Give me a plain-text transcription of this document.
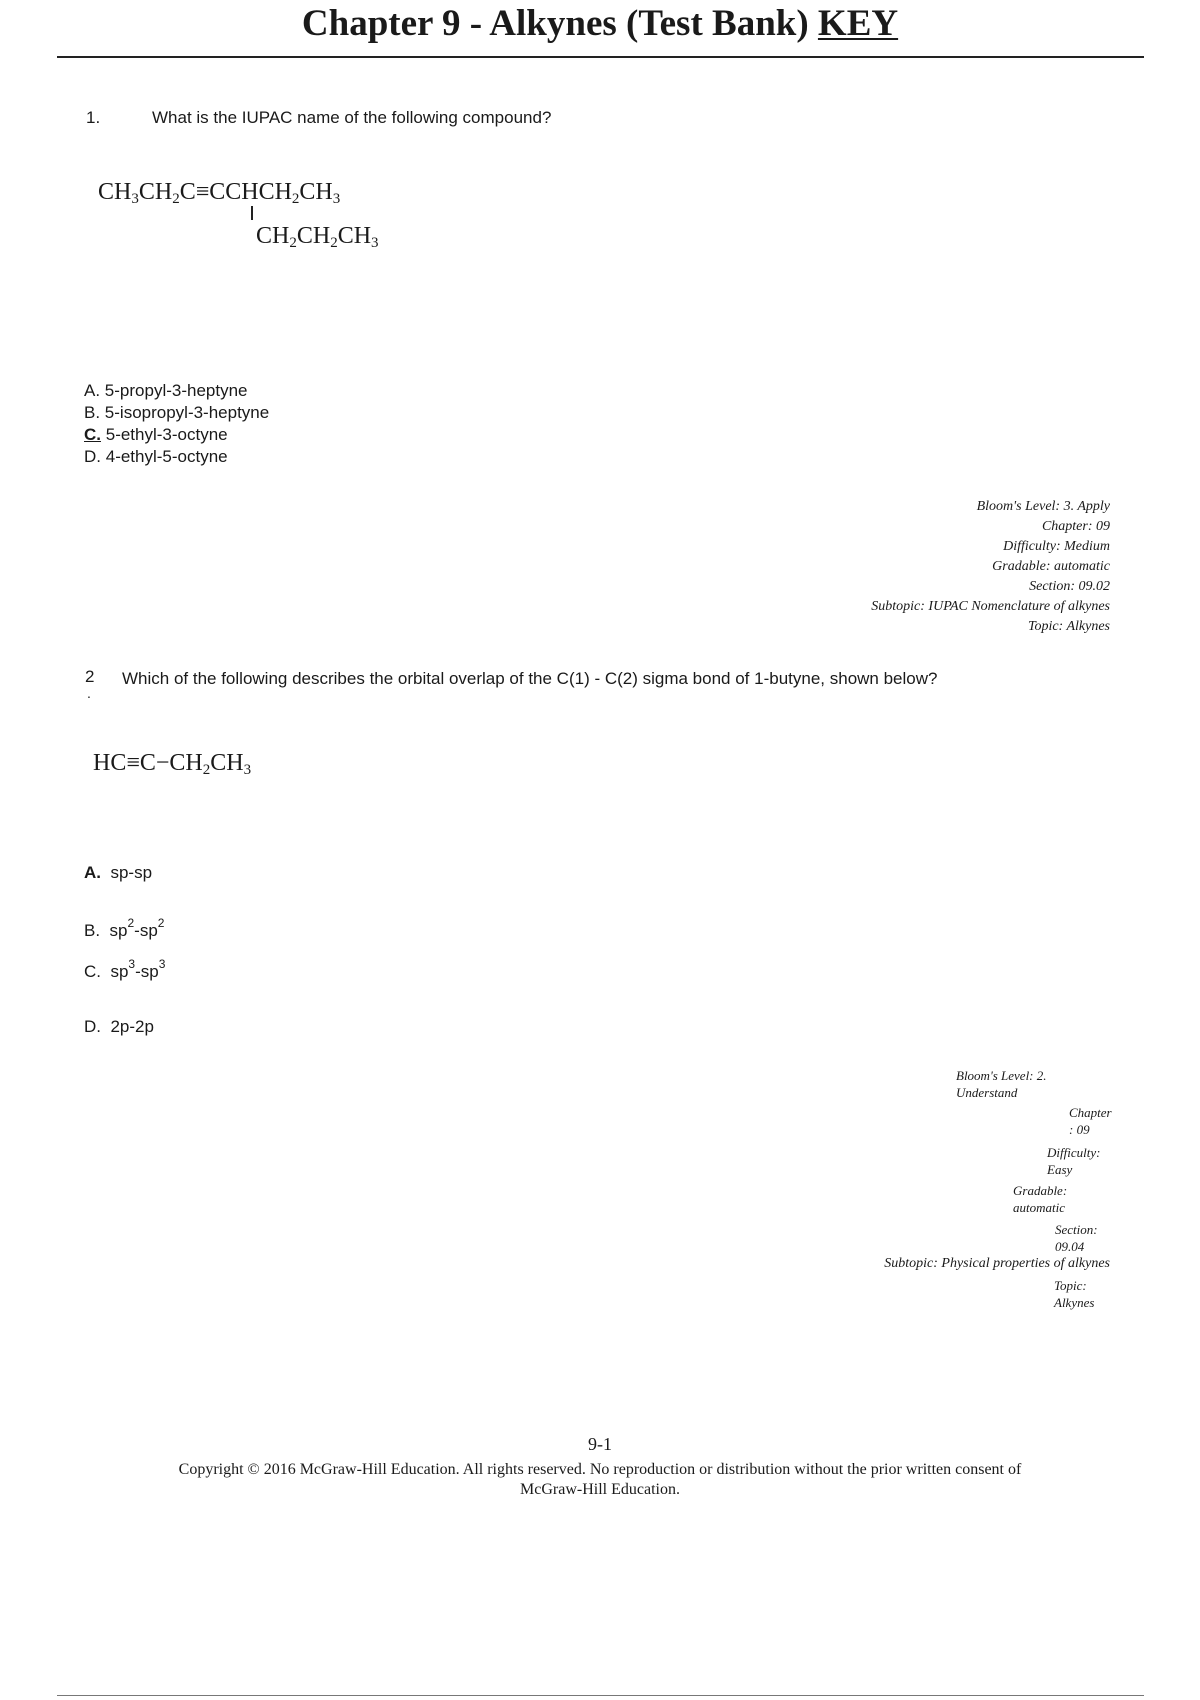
Chapter 9 - Alkynes (Test Bank) KEY
1.	What is the IUPAC name of the following compound?
$CH_3CH_2C\equiv CCHCH_2CH_3$
$CH_2CH_2CH_3$
A. 5-propyl-3-heptyne
B. 5-isopropyl-3-heptyne
C. 5-ethyl-3-octyne
D. 4-ethyl-5-octyne
Bloom's Level: 3. Apply
Chapter: 09
Difficulty: Medium
Gradable: automatic
Section: 09.02
Subtopic: IUPAC Nomenclature of alkynes
Topic: Alkynes
2
.
Which of the following describes the orbital overlap of the C(1) - C(2) sigma bond of 1-butyne, shown below?
$HC\equiv C-CH_2CH_3$
A. sp-sp
B. $sp^2-sp^2$
C. $sp^3-sp^3$
D. 2p-2p
Bloom's Level: 2.
Understand
Chapter
: 09
Difficulty:
Easy
Gradable:
automatic
Section:
09.04
Subtopic: Physical properties of alkynes
Topic:
Alkynes
9-1
Copyright © 2016 McGraw-Hill Education. All rights reserved. No reproduction or distribution without the prior written consent of
McGraw-Hill Education.
